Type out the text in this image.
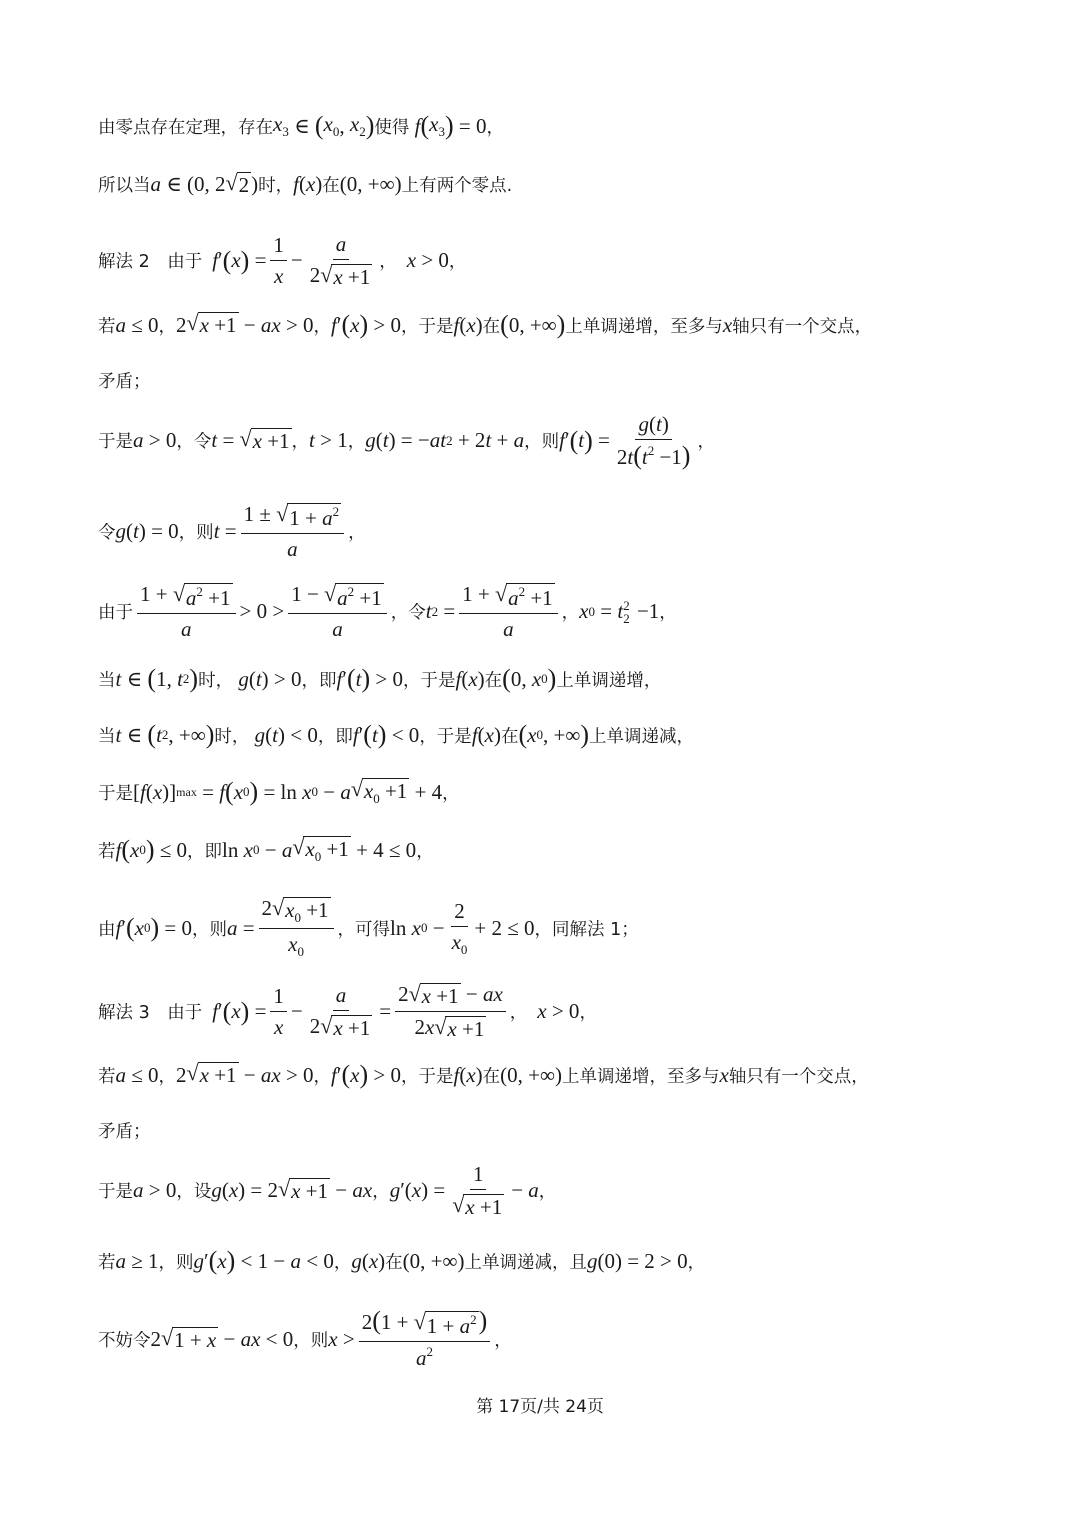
由零点存在定理，存在 $x_3$ ∈ ( $x_0$ , $x_2$ ) 使得 f ( $x_3$ ) = 0 ，
所以当 a ∈ (0, 2 √ 2 ) 时， f ( x ) 在 (0, +∞) 上有两个零点.
解法 2　由于 f ′ ( x ) = $\frac{1}{x} - \frac{a}{2 √ x +1}$ ， x > 0 ，
若 a ≤ 0 ， 2 √ x +1 − ax > 0 ， f ′ ( x ) > 0 ，于是 f ( x ) 在 ( 0, +∞ ) 上单调递增，至多与 x 轴只有一个交点，
矛盾；
于是 a > 0 ，令 t = √ x +1 ， t > 1 ， g ( t ) = − at 2 + 2 t + a ，则 f ′ ( t ) = $\frac{g(t)}{2t(t^2 -1)}$ ，
令 g ( t ) = 0 ，则 $t = \frac{1 \pm √ 1 + a^2}{a}$ ，
由于 $\frac{1 + √ a^2 +1}{a} > 0 > \frac{1 - √ a^2 +1}{a}$ ，令 t $2 = \frac{1 + √ a^2 +1}{a}$ ， x 0 = t 2
2 −1 ，
当 t ∈ ( 1, t 2 ) 时， g ( t ) > 0 ，即 f ′ ( t ) > 0 ，于是 f ( x ) 在 ( 0, x 0 ) 上单调递增，
当 t ∈ ( t 2 , +∞ ) 时， g ( t ) < 0 ，即 f ′ ( t ) < 0 ，于是 f ( x ) 在 ( x 0 , +∞ ) 上单调递减，
于是 [ f ( x )] max = f ( x 0 ) = ln x 0 − a √ $x_0 +1 + 4$ ，
若 f ( x 0 ) ≤ 0 ，即 ln x 0 − a √ $x_0 +1 + 4 \le 0$ ，
由 f ′ ( x 0 ) = 0 ，则 $a = \frac{2 √ x_0 +1}{x_0}$ ，可得 ln x $0 - \frac{2}{x_0} + 2 \le 0$ ，同解法 1；
解法 3　由于 f ′ ( x ) = $\frac{1}{x} - \frac{a}{2 √ x +1} = \frac{2 √ x +1 - ax}{2x √ x +1}$ ， x > 0 ，
若 a ≤ 0 ， 2 √ x +1 − ax > 0 ， f ′ ( x ) > 0 ，于是 f ( x ) 在 (0, +∞) 上单调递增，至多与 x 轴只有一个交点，
矛盾；
于是 a > 0 ，设 g ( x ) = 2 √ x +1 − ax ， g ′( x ) = $\frac{1}{√ x +1} - a$ ，
若 a ≥ 1 ，则 g ′ ( x ) < 1 − a < 0 ， g ( x ) 在 (0, +∞) 上单调递减，且 g (0) = 2 > 0 ，
不妨令 2 √ 1 + x − ax < 0 ，则 $x > \frac{2(1 + √ 1 + a^2 )}{a^2}$ ，
第 17页/共 24页
